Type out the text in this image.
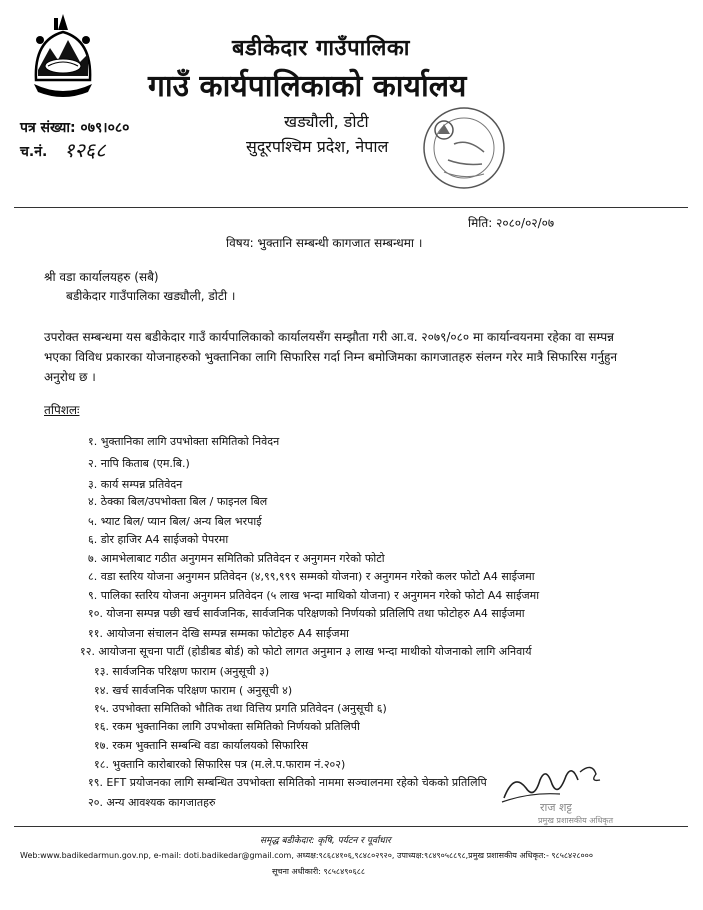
बडीकेदार गाउँपालिका
गाउँ कार्यपालिकाको कार्यालय
पत्र संख्या: ०७९।०८०
च.नं. १२६८
खड्यौली, डोटी
सुदूरपश्चिम प्रदेश, नेपाल
मिति: २०८०/०२/०७
विषय: भुक्तानि सम्बन्धी कागजात सम्बन्धमा ।
श्री वडा कार्यालयहरु (सबै)
बडीकेदार गाउँपालिका खड्यौली, डोटी ।
उपरोक्त सम्बन्धमा यस बडीकेदार गाउँ कार्यपालिकाको कार्यालयसँग सम्झौता गरी आ.व. २०७९/०८० मा कार्यान्वयनमा रहेका वा सम्पन्न भएका विविध प्रकारका योजनाहरुको भुक्तानिका लागि सिफारिस गर्दा निम्न बमोजिमका कागजातहरु संलग्न गरेर मात्रै सिफारिस गर्नुहुन अनुरोध छ ।
तपिशलः
१. भुक्तानिका लागि उपभोक्ता समितिको निवेदन
२. नापि किताब (एम.बि.)
३. कार्य सम्पन्न प्रतिवेदन
४. ठेक्का बिल/उपभोक्ता बिल / फाइनल बिल
५. भ्याट बिल/ प्यान बिल/ अन्य बिल भरपाई
६. डोर हाजिर A4 साईजको पेपरमा
७. आमभेलाबाट गठीत अनुगमन समितिको प्रतिवेदन र अनुगमन गरेको फोटो
८. वडा स्तरिय योजना अनुगमन प्रतिवेदन (४,९९,९९९ सम्मको योजना) र अनुगमन गरेको कलर फोटो A4 साईजमा
९. पालिका स्तरिय योजना अनुगमन प्रतिवेदन (५ लाख भन्दा माथिको योजना) र अनुगमन गरेको फोटो A4 साईजमा
१०. योजना सम्पन्न पछी खर्च सार्वजनिक, सार्वजनिक परिक्षणको निर्णयको प्रतिलिपि तथा फोटोहरु A4 साईजमा
११. आयोजना संचालन देखि सम्पन्न सम्मका फोटोहरु A4 साईजमा
१२. आयोजना सूचना पाटीं (होडीबड बोर्ड) को फोटो लागत अनुमान ३ लाख भन्दा माथीको योजनाको लागि अनिवार्य
१३. सार्वजनिक परिक्षण फाराम (अनुसूची ३)
१४. खर्च सार्वजनिक परिक्षण फाराम ( अनुसूची ४)
१५. उपभोक्ता समितिको भौतिक तथा वित्तिय प्रगति प्रतिवेदन (अनुसूची ६)
१६. रकम भुक्तानिका लागि उपभोक्ता समितिको निर्णयको प्रतिलिपी
१७. रकम भुक्तानि सम्बन्धि वडा कार्यालयको सिफारिस
१८. भुक्तानि कारोबारको सिफारिस पत्र (म.ले.प.फाराम नं.२०२)
१९. EFT प्रयोजनका लागि सम्बन्धित उपभोक्ता समितिको नाममा सञ्चालनमा रहेको चेकको प्रतिलिपि
२०. अन्य आवश्यक कागजातहरु	राज शट्ट
प्रमुख प्रशासकीय अधिकृत
समृद्ध बडीकेदार: कृषि, पर्यटन र पूर्वाधार
Web:www.badikedarmun.gov.np, e-mail: doti.badikedar@gmail.com, अध्यक्ष:९८६८४१०६,९८४८०२९२०, उपाध्यक्ष:९८४९०५८८९८,प्रमुख प्रशासकीय अधिकृत:- ९८५८४२८०००
सूचना अधीकारी: ९८५८४९०६८८
